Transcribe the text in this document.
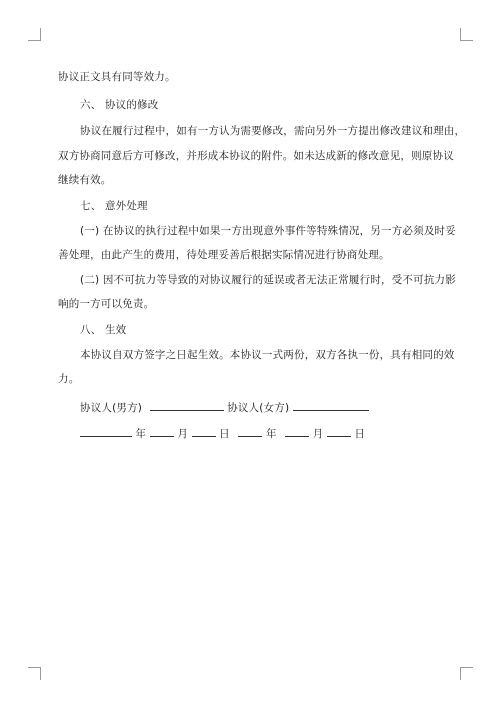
协议正文具有同等效力。
六、 协议的修改
协议在履行过程中，如有一方认为需要修改，需向另外一方提出修改建议和理由，
双方协商同意后方可修改，并形成本协议的附件。如未达成新的修改意见，则原协议
继续有效。
七、 意外处理
(一) 在协议的执行过程中如果一方出现意外事件等特殊情况，另一方必须及时妥
善处理，由此产生的费用，待处理妥善后根据实际情况进行协商处理。
(二) 因不可抗力等导致的对协议履行的延误或者无法正常履行时，受不可抗力影
响的一方可以免责。
八、 生效
本协议自双方签字之日起生效。本协议一式两份，双方各执一份，具有相同的效
力。
协议人(男方)	协议人(女方)
年	月	日	年	月	日
